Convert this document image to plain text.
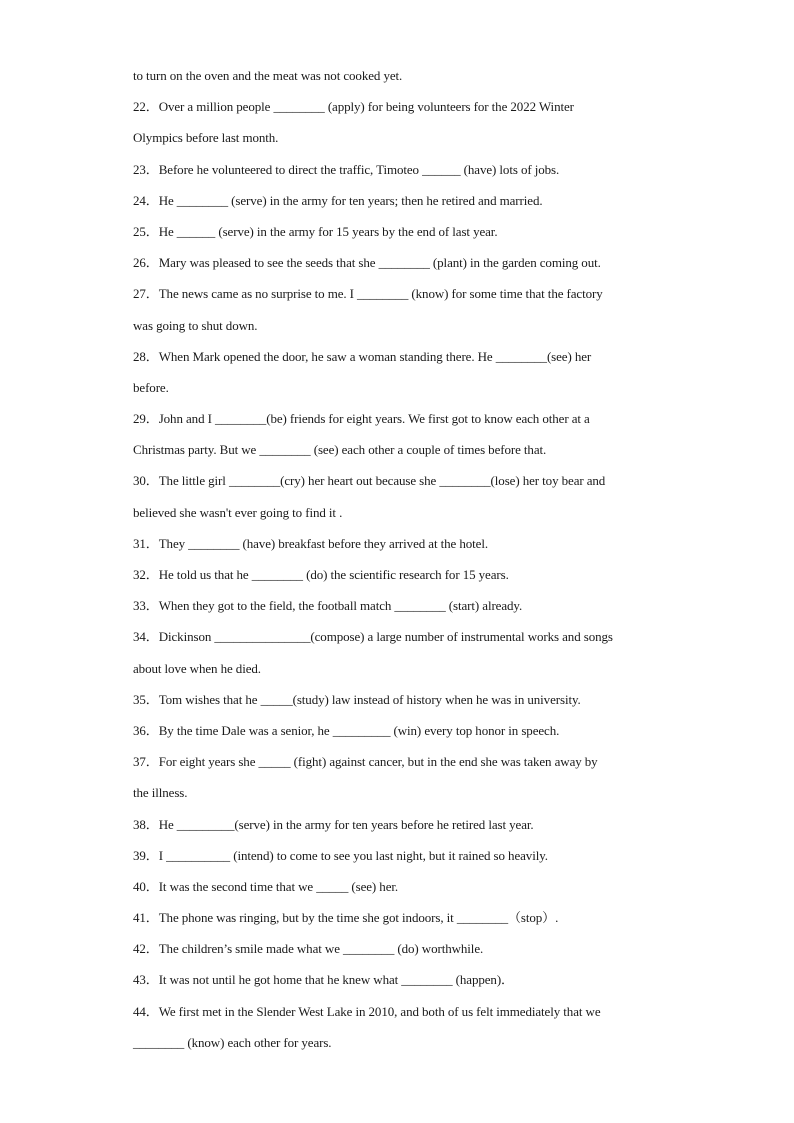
to turn on the oven and the meat was not cooked yet.
22．Over a million people ________ (apply) for being volunteers for the 2022 Winter
Olympics before last month.
23．Before he volunteered to direct the traffic, Timoteo ______ (have) lots of jobs.
24．He ________ (serve) in the army for ten years; then he retired and married.
25．He ______ (serve) in the army for 15 years by the end of last year.
26．Mary was pleased to see the seeds that she ________ (plant) in the garden coming out.
27．The news came as no surprise to me. I ________ (know) for some time that the factory
was going to shut down.
28．When Mark opened the door, he saw a woman standing there. He ________(see) her
before.
29．John and I ________(be) friends for eight years. We first got to know each other at a
Christmas party. But we ________ (see) each other a couple of times before that.
30．The little girl ________(cry) her heart out because she ________(lose) her toy bear and
believed she wasn't ever going to find it .
31．They ________ (have) breakfast before they arrived at the hotel.
32．He told us that he ________ (do) the scientific research for 15 years.
33．When they got to the field, the football match ________ (start) already.
34．Dickinson _______________(compose) a large number of instrumental works and songs
about love when he died.
35．Tom wishes that he _____(study) law instead of history when he was in university.
36．By the time Dale was a senior, he _________ (win) every top honor in speech.
37．For eight years she _____ (fight) against cancer, but in the end she was taken away by
the illness.
38．He _________(serve) in the army for ten years before he retired last year.
39．I __________ (intend) to come to see you last night, but it rained so heavily.
40．It was the second time that we _____ (see) her.
41．The phone was ringing, but by the time she got indoors, it ________（stop）.
42．The children’s smile made what we ________ (do) worthwhile.
43．It was not until he got home that he knew what ________ (happen)．
44．We first met in the Slender West Lake in 2010, and both of us felt immediately that we
________ (know) each other for years.
